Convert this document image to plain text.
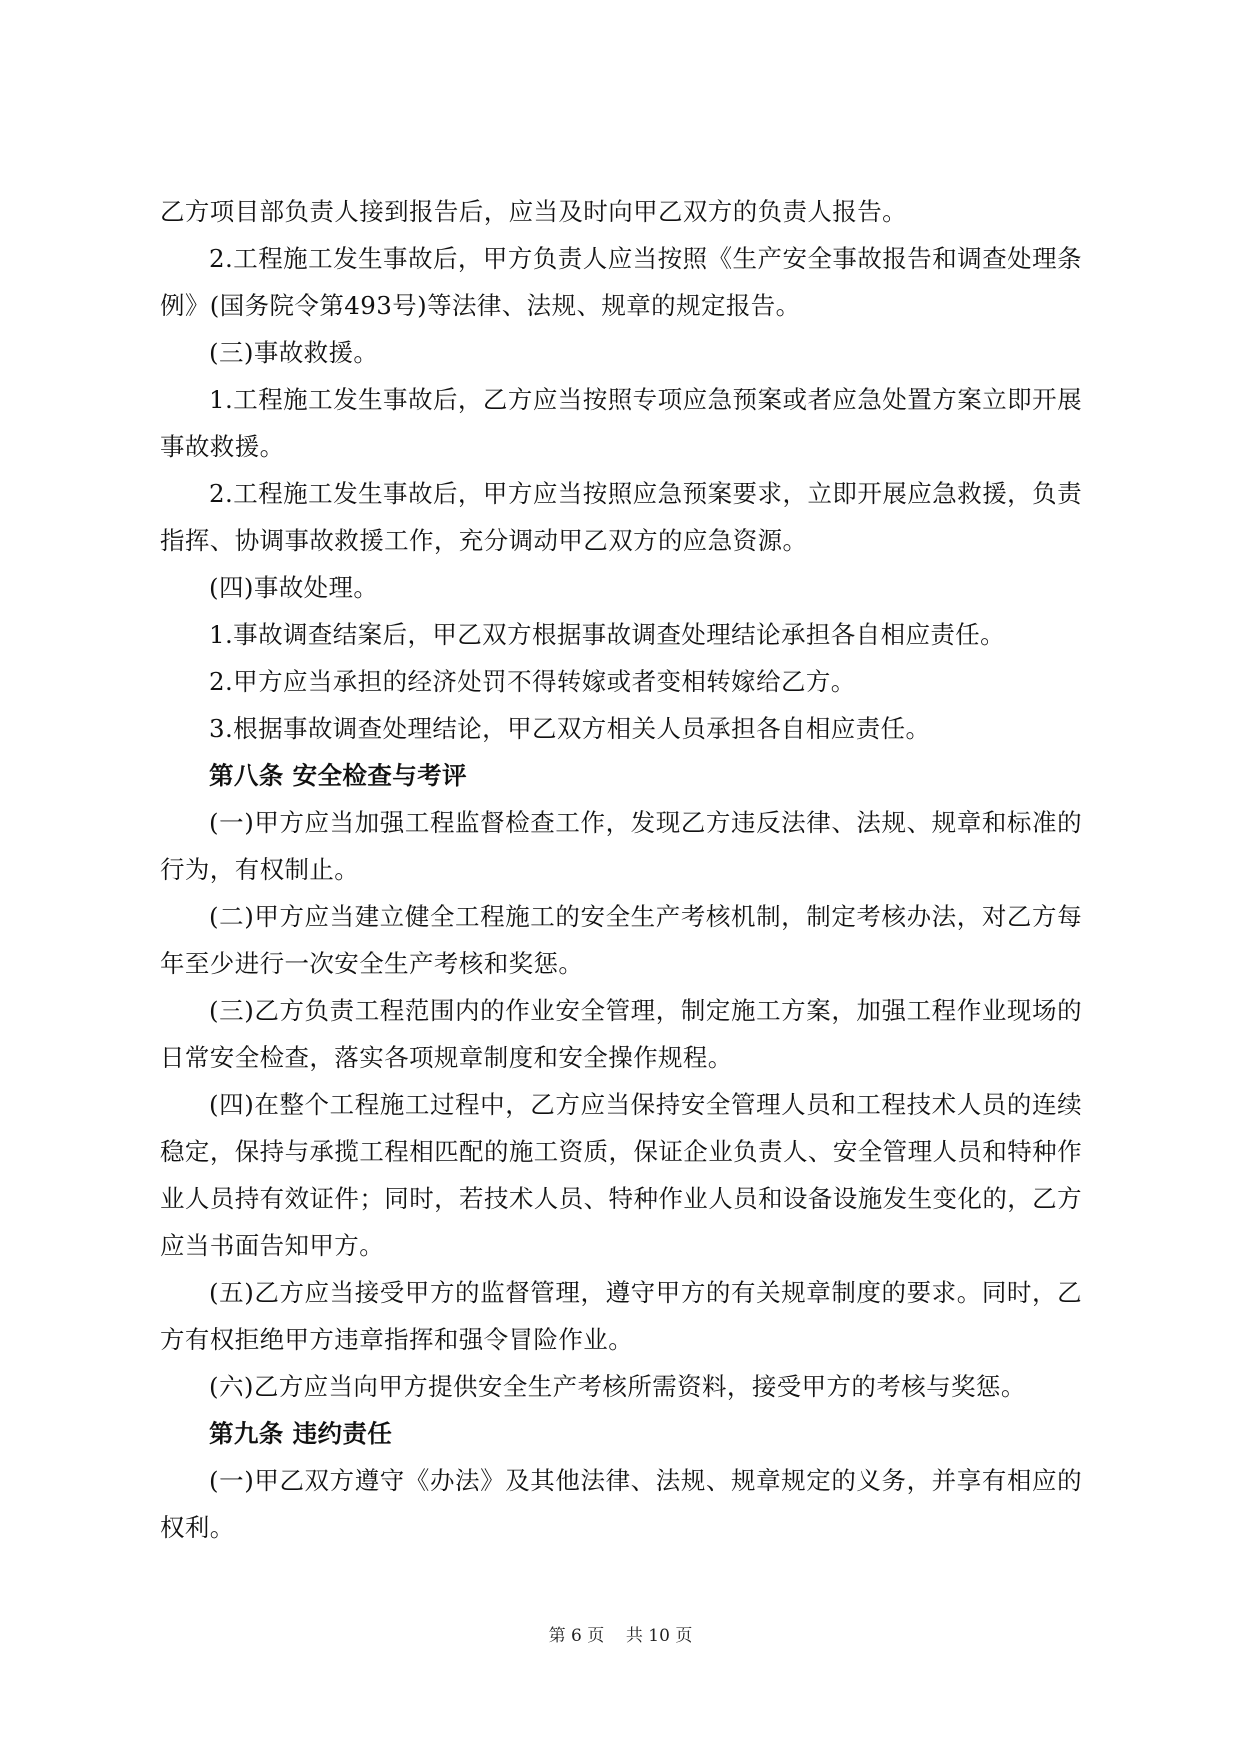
乙方项目部负责人接到报告后，应当及时向甲乙双方的负责人报告。

2.工程施工发生事故后，甲方负责人应当按照《生产安全事故报告和调查处理条例》(国务院令第493号)等法律、法规、规章的规定报告。

(三)事故救援。

1.工程施工发生事故后，乙方应当按照专项应急预案或者应急处置方案立即开展事故救援。

2.工程施工发生事故后，甲方应当按照应急预案要求，立即开展应急救援，负责指挥、协调事故救援工作，充分调动甲乙双方的应急资源。

(四)事故处理。

1.事故调查结案后，甲乙双方根据事故调查处理结论承担各自相应责任。

2.甲方应当承担的经济处罚不得转嫁或者变相转嫁给乙方。

3.根据事故调查处理结论，甲乙双方相关人员承担各自相应责任。

第八条 安全检查与考评

(一)甲方应当加强工程监督检查工作，发现乙方违反法律、法规、规章和标准的行为，有权制止。

(二)甲方应当建立健全工程施工的安全生产考核机制，制定考核办法，对乙方每年至少进行一次安全生产考核和奖惩。

(三)乙方负责工程范围内的作业安全管理，制定施工方案，加强工程作业现场的日常安全检查，落实各项规章制度和安全操作规程。

(四)在整个工程施工过程中，乙方应当保持安全管理人员和工程技术人员的连续稳定，保持与承揽工程相匹配的施工资质，保证企业负责人、安全管理人员和特种作业人员持有效证件；同时，若技术人员、特种作业人员和设备设施发生变化的，乙方应当书面告知甲方。

(五)乙方应当接受甲方的监督管理，遵守甲方的有关规章制度的要求。同时，乙方有权拒绝甲方违章指挥和强令冒险作业。

(六)乙方应当向甲方提供安全生产考核所需资料，接受甲方的考核与奖惩。

第九条 违约责任

(一)甲乙双方遵守《办法》及其他法律、法规、规章规定的义务，并享有相应的权利。

第 6 页    共 10 页
